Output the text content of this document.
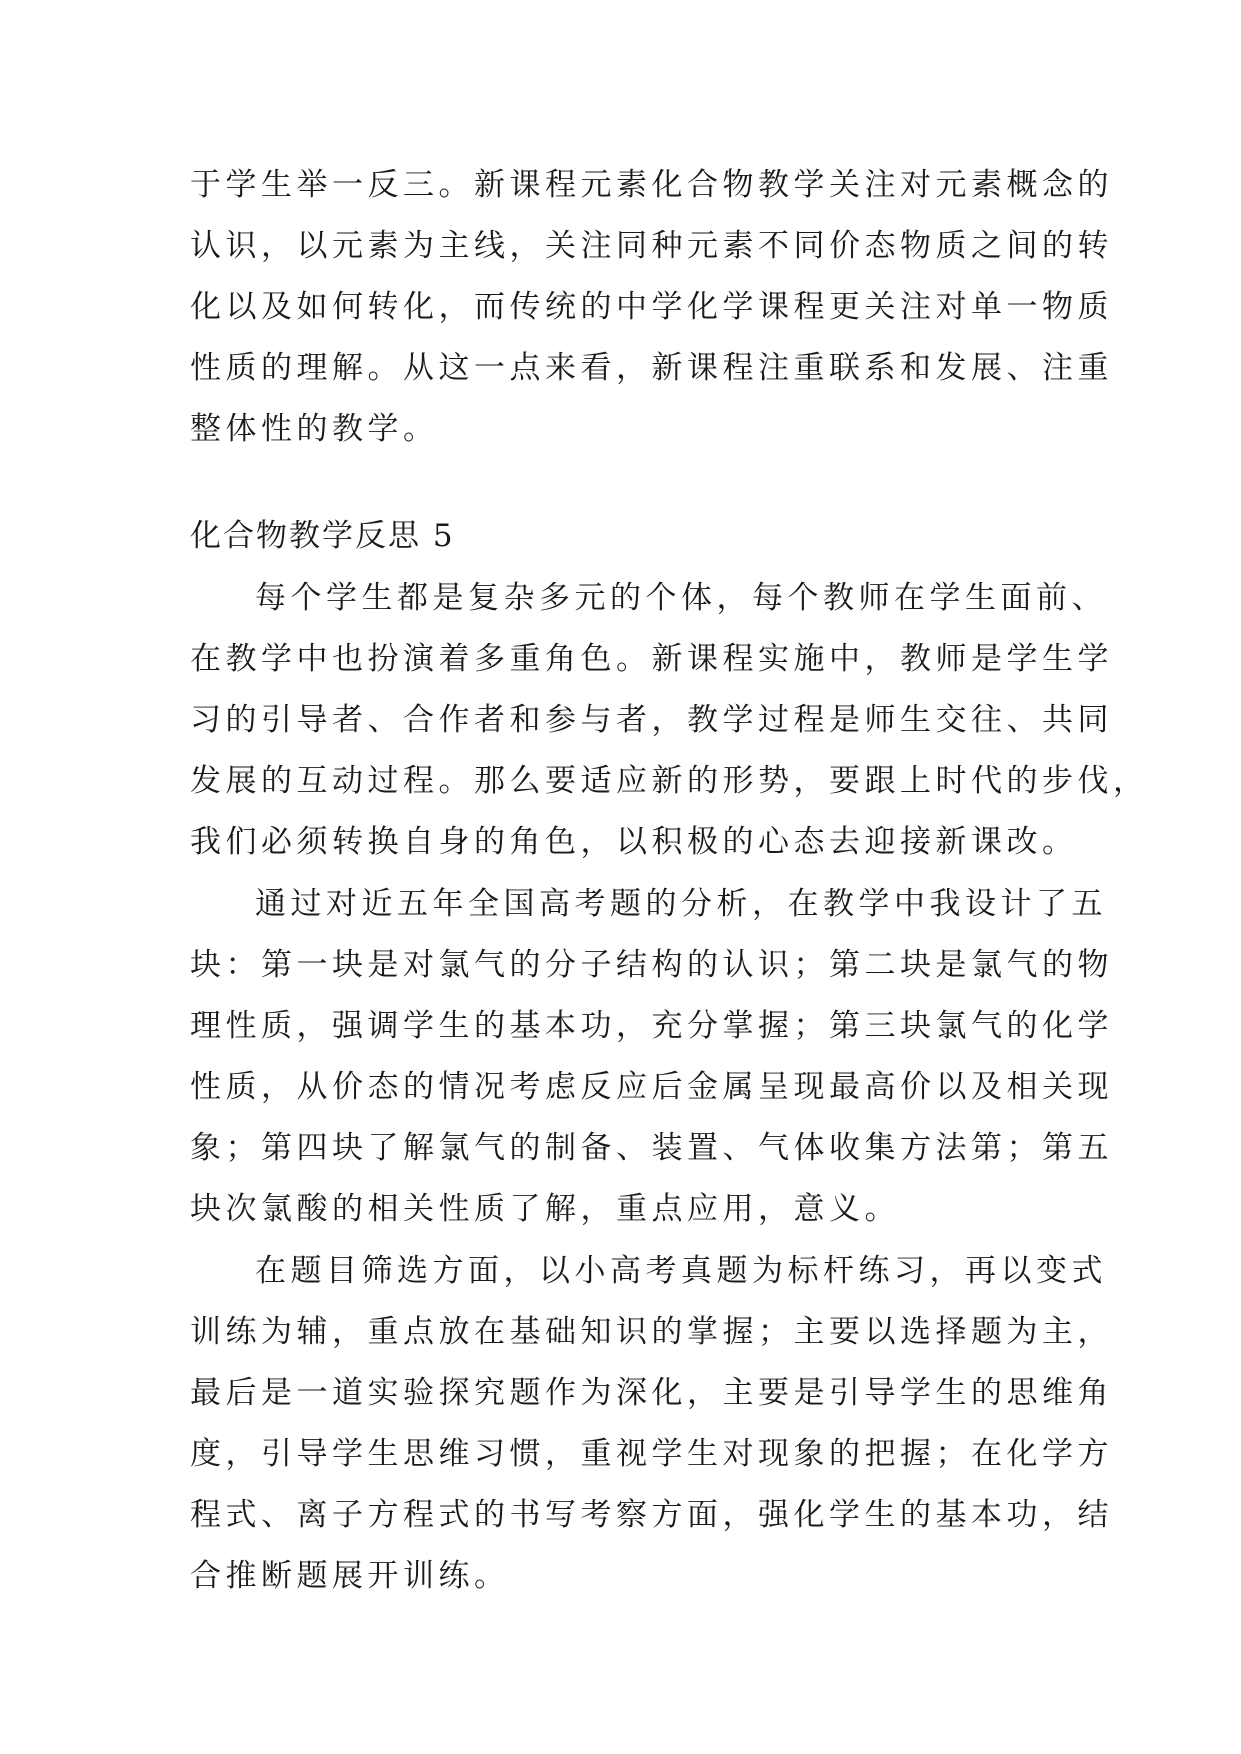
于学生举一反三。新课程元素化合物教学关注对元素概念的
认识，以元素为主线，关注同种元素不同价态物质之间的转
化以及如何转化，而传统的中学化学课程更关注对单一物质
性质的理解。从这一点来看，新课程注重联系和发展、注重
整体性的教学。
化合物教学反思 5
每个学生都是复杂多元的个体，每个教师在学生面前、
在教学中也扮演着多重角色。新课程实施中，教师是学生学
习的引导者、合作者和参与者，教学过程是师生交往、共同
发展的互动过程。那么要适应新的形势，要跟上时代的步伐，
我们必须转换自身的角色，以积极的心态去迎接新课改。
通过对近五年全国高考题的分析，在教学中我设计了五
块：第一块是对氯气的分子结构的认识；第二块是氯气的物
理性质，强调学生的基本功，充分掌握；第三块氯气的化学
性质，从价态的情况考虑反应后金属呈现最高价以及相关现
象；第四块了解氯气的制备、装置、气体收集方法第；第五
块次氯酸的相关性质了解，重点应用，意义。
在题目筛选方面，以小高考真题为标杆练习，再以变式
训练为辅，重点放在基础知识的掌握；主要以选择题为主，
最后是一道实验探究题作为深化，主要是引导学生的思维角
度，引导学生思维习惯，重视学生对现象的把握；在化学方
程式、离子方程式的书写考察方面，强化学生的基本功，结
合推断题展开训练。
